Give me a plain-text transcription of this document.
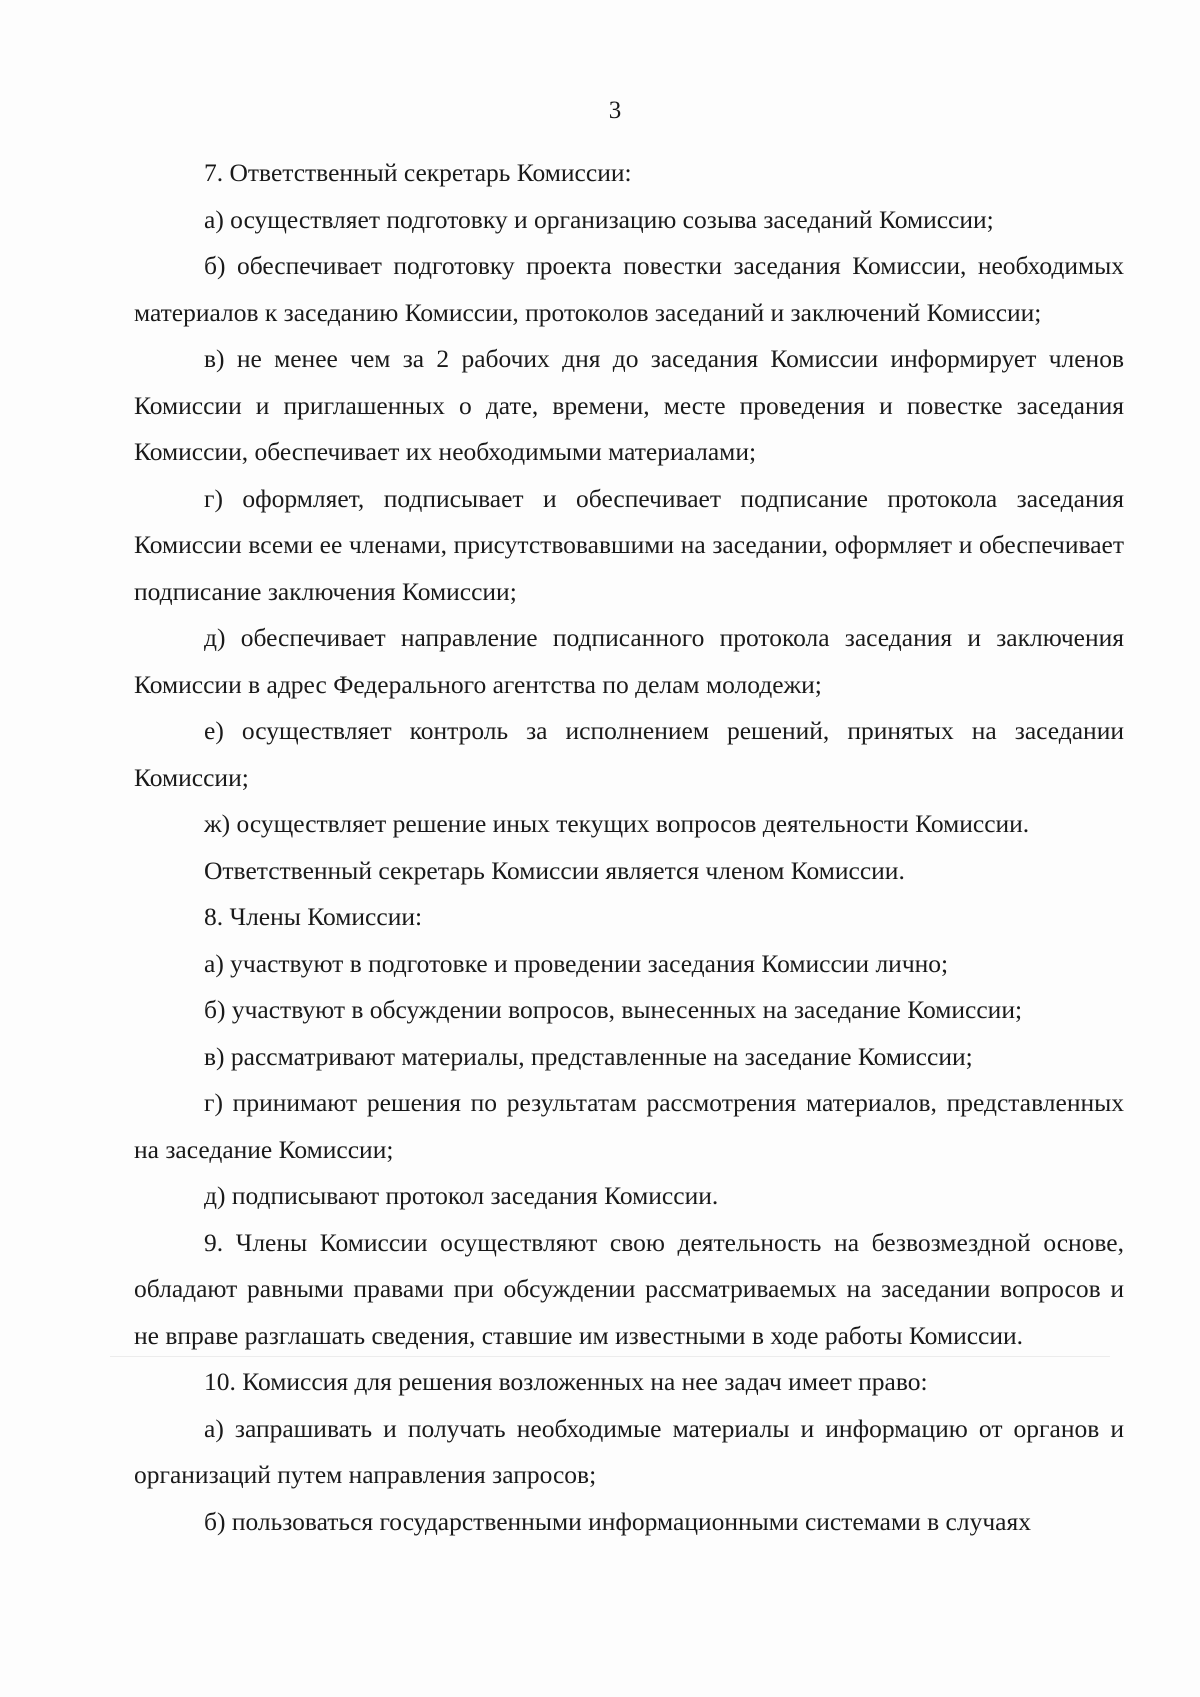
3

7. Ответственный секретарь Комиссии:

а) осуществляет подготовку и организацию созыва заседаний Комиссии;

б) обеспечивает подготовку проекта повестки заседания Комиссии, необходимых материалов к заседанию Комиссии, протоколов заседаний и заключений Комиссии;

в) не менее чем за 2 рабочих дня до заседания Комиссии информирует членов Комиссии и приглашенных о дате, времени, месте проведения и повестке заседания Комиссии, обеспечивает их необходимыми материалами;

г) оформляет, подписывает и обеспечивает подписание протокола заседания Комиссии всеми ее членами, присутствовавшими на заседании, оформляет и обеспечивает подписание заключения Комиссии;

д) обеспечивает направление подписанного протокола заседания и заключения Комиссии в адрес Федерального агентства по делам молодежи;

е) осуществляет контроль за исполнением решений, принятых на заседании Комиссии;

ж) осуществляет решение иных текущих вопросов деятельности Комиссии.

Ответственный секретарь Комиссии является членом Комиссии.

8. Члены Комиссии:

а) участвуют в подготовке и проведении заседания Комиссии лично;

б) участвуют в обсуждении вопросов, вынесенных на заседание Комиссии;

в) рассматривают материалы, представленные на заседание Комиссии;

г) принимают решения по результатам рассмотрения материалов, представленных на заседание Комиссии;

д) подписывают протокол заседания Комиссии.

9. Члены Комиссии осуществляют свою деятельность на безвозмездной основе, обладают равными правами при обсуждении рассматриваемых на заседании вопросов и не вправе разглашать сведения, ставшие им известными в ходе работы Комиссии.

10. Комиссия для решения возложенных на нее задач имеет право:

а) запрашивать и получать необходимые материалы и информацию от органов и организаций путем направления запросов;

б) пользоваться государственными информационными системами в случаях
